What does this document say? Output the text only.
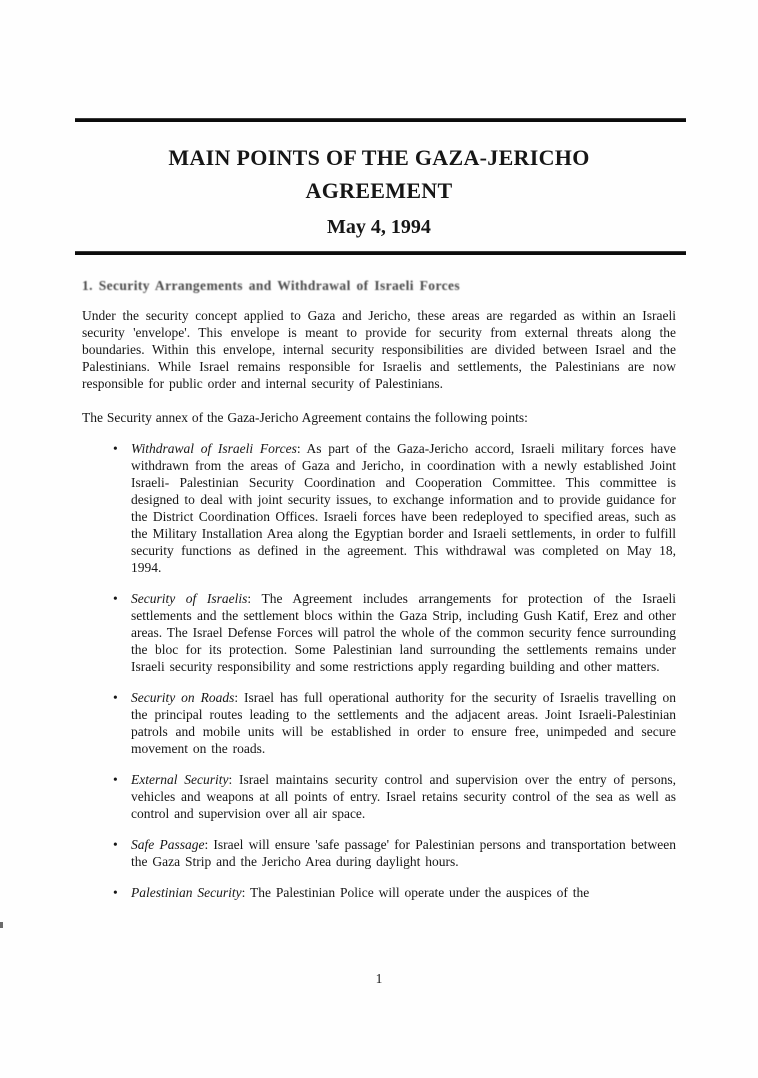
MAIN POINTS OF THE GAZA-JERICHO
AGREEMENT
May 4, 1994
1. Security Arrangements and Withdrawal of Israeli Forces
Under the security concept applied to Gaza and Jericho, these areas are regarded as within an Israeli security 'envelope'. This envelope is meant to provide for security from external threats along the boundaries. Within this envelope, internal security responsibilities are divided between Israel and the Palestinians. While Israel remains responsible for Israelis and settlements, the Palestinians are now responsible for public order and internal security of Palestinians.
The Security annex of the Gaza-Jericho Agreement contains the following points:
• Withdrawal of Israeli Forces: As part of the Gaza-Jericho accord, Israeli military forces have withdrawn from the areas of Gaza and Jericho, in coordination with a newly established Joint Israeli- Palestinian Security Coordination and Cooperation Committee. This committee is designed to deal with joint security issues, to exchange information and to provide guidance for the District Coordination Offices. Israeli forces have been redeployed to specified areas, such as the Military Installation Area along the Egyptian border and Israeli settlements, in order to fulfill security functions as defined in the agreement. This withdrawal was completed on May 18, 1994.
• Security of Israelis: The Agreement includes arrangements for protection of the Israeli settlements and the settlement blocs within the Gaza Strip, including Gush Katif, Erez and other areas. The Israel Defense Forces will patrol the whole of the common security fence surrounding the bloc for its protection. Some Palestinian land surrounding the settlements remains under Israeli security responsibility and some restrictions apply regarding building and other matters.
• Security on Roads: Israel has full operational authority for the security of Israelis travelling on the principal routes leading to the settlements and the adjacent areas. Joint Israeli-Palestinian patrols and mobile units will be established in order to ensure free, unimpeded and secure movement on the roads.
• External Security: Israel maintains security control and supervision over the entry of persons, vehicles and weapons at all points of entry. Israel retains security control of the sea as well as control and supervision over all air space.
• Safe Passage: Israel will ensure 'safe passage' for Palestinian persons and transportation between the Gaza Strip and the Jericho Area during daylight hours.
• Palestinian Security: The Palestinian Police will operate under the auspices of the
1
